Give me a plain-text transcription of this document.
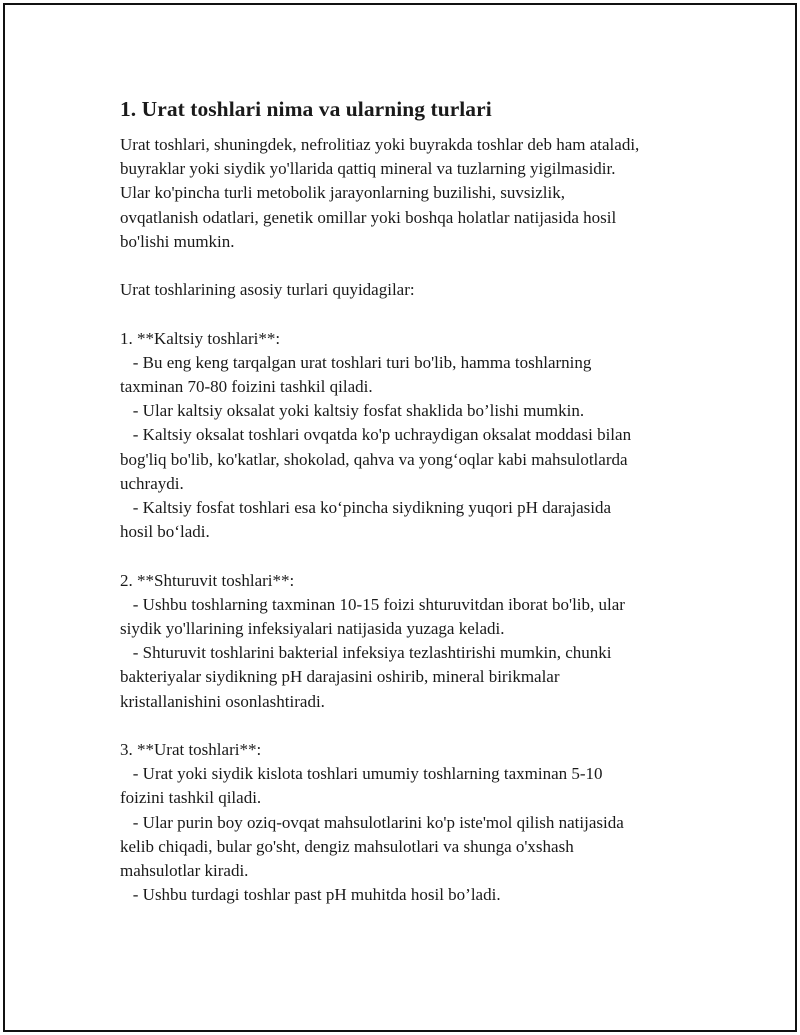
1. Urat toshlari nima va ularning turlari

Urat toshlari, shuningdek, nefrolitiaz yoki buyrakda toshlar deb ham ataladi,

buyraklar yoki siydik yo'llarida qattiq mineral va tuzlarning yigilmasidir.

Ular ko'pincha turli metobolik jarayonlarning buzilishi, suvsizlik,

ovqatlanish odatlari, genetik omillar yoki boshqa holatlar natijasida hosil

bo'lishi mumkin.

Urat toshlarining asosiy turlari quyidagilar:

1. **Kaltsiy toshlari**:

- Bu eng keng tarqalgan urat toshlari turi bo'lib, hamma toshlarning

taxminan 70-80 foizini tashkil qiladi.

- Ular kaltsiy oksalat yoki kaltsiy fosfat shaklida bo’lishi mumkin.

- Kaltsiy oksalat toshlari ovqatda ko'p uchraydigan oksalat moddasi bilan

bog'liq bo'lib, ko'katlar, shokolad, qahva va yong‘oqlar kabi mahsulotlarda

uchraydi.

- Kaltsiy fosfat toshlari esa ko‘pincha siydikning yuqori pH darajasida

hosil bo‘ladi.

2. **Shturuvit toshlari**:

- Ushbu toshlarning taxminan 10-15 foizi shturuvitdan iborat bo'lib, ular

siydik yo'llarining infeksiyalari natijasida yuzaga keladi.

- Shturuvit toshlarini bakterial infeksiya tezlashtirishi mumkin, chunki

bakteriyalar siydikning pH darajasini oshirib, mineral birikmalar

kristallanishini osonlashtiradi.

3. **Urat toshlari**:

- Urat yoki siydik kislota toshlari umumiy toshlarning taxminan 5-10

foizini tashkil qiladi.

- Ular purin boy oziq-ovqat mahsulotlarini ko'p iste'mol qilish natijasida

kelib chiqadi, bular go'sht, dengiz mahsulotlari va shunga o'xshash

mahsulotlar kiradi.

- Ushbu turdagi toshlar past pH muhitda hosil bo’ladi.
